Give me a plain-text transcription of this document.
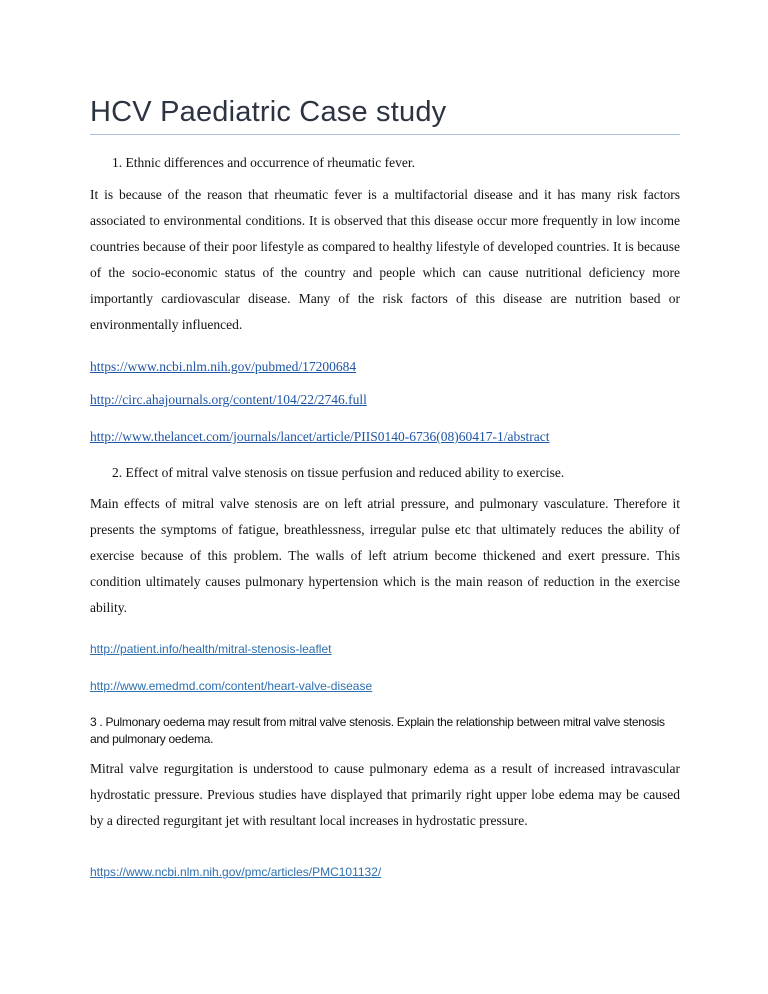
HCV Paediatric Case study
1. Ethnic differences and occurrence of rheumatic fever.
It is because of the reason that rheumatic fever is a multifactorial disease and it has many risk factors associated to environmental conditions. It is observed that this disease occur more frequently in low income countries because of their poor lifestyle as compared to healthy lifestyle of developed countries. It is because of the socio-economic status of the country and people which can cause nutritional deficiency more importantly cardiovascular disease. Many of the risk factors of this disease are nutrition based or environmentally influenced.
https://www.ncbi.nlm.nih.gov/pubmed/17200684
http://circ.ahajournals.org/content/104/22/2746.full
http://www.thelancet.com/journals/lancet/article/PIIS0140-6736(08)60417-1/abstract
2. Effect of mitral valve stenosis on tissue perfusion and reduced ability to exercise.
Main effects of mitral valve stenosis are on left atrial pressure, and pulmonary vasculature. Therefore it presents the symptoms of fatigue, breathlessness, irregular pulse etc that ultimately reduces the ability of exercise because of this problem. The walls of left atrium become thickened and exert pressure. This condition ultimately causes pulmonary hypertension which is the main reason of reduction in the exercise ability.
http://patient.info/health/mitral-stenosis-leaflet
http://www.emedmd.com/content/heart-valve-disease
3 . Pulmonary oedema may result from mitral valve stenosis. Explain the relationship between mitral valve stenosis and pulmonary oedema.
Mitral valve regurgitation is understood to cause pulmonary edema as a result of increased intravascular hydrostatic pressure. Previous studies have displayed that primarily right upper lobe edema may be caused by a directed regurgitant jet with resultant local increases in hydrostatic pressure.
https://www.ncbi.nlm.nih.gov/pmc/articles/PMC101132/
